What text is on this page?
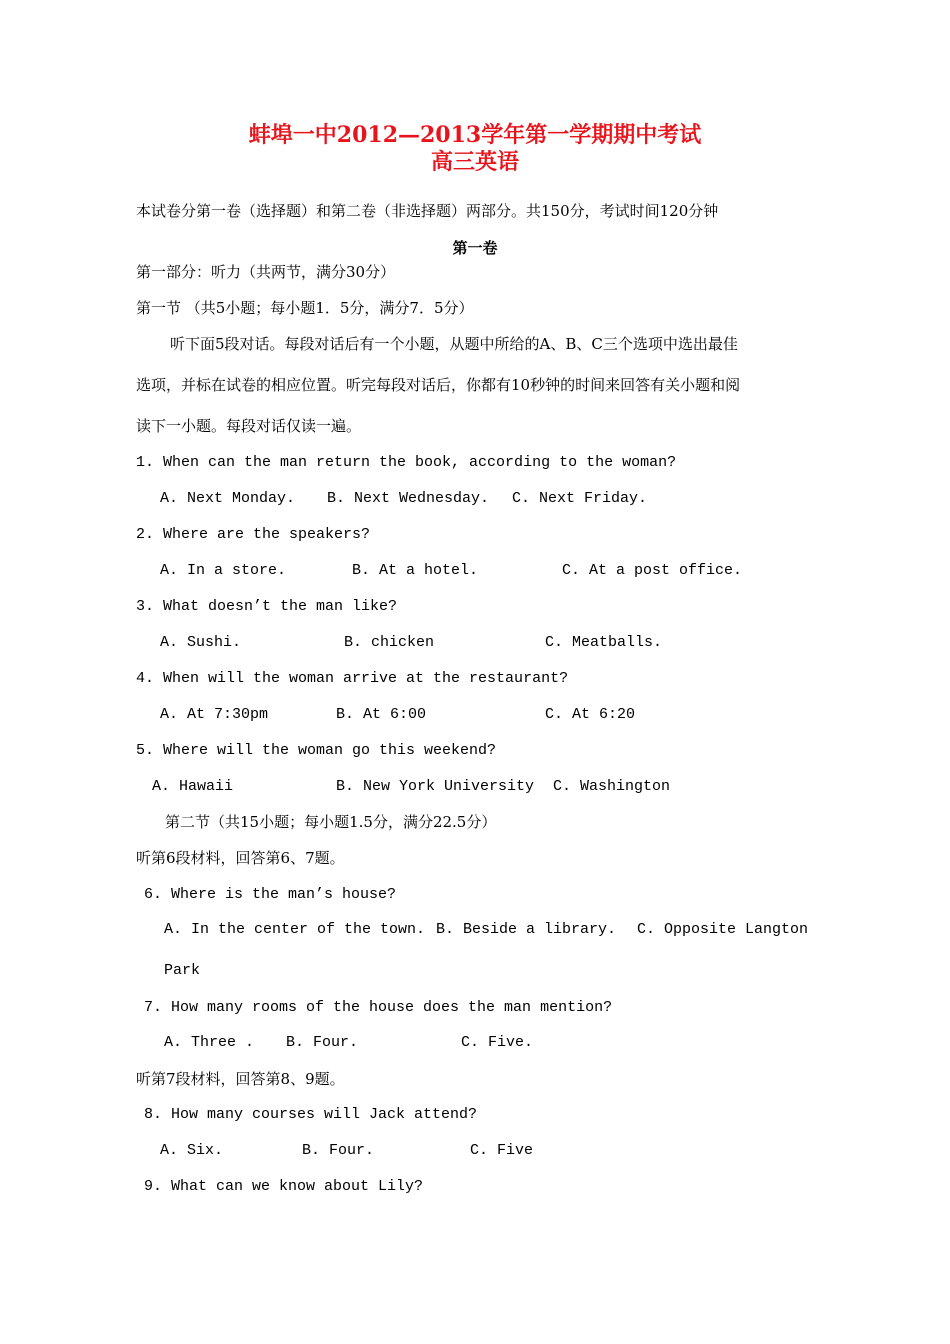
蚌埠一中2012—2013学年第一学期期中考试
高三英语
本试卷分第一卷（选择题）和第二卷（非选择题）两部分。共150分，考试时间120分钟
第一卷
第一部分：听力（共两节，满分30分）
第一节 （共5小题；每小题1．5分，满分7．5分）
听下面5段对话。每段对话后有一个小题，从题中所给的A、B、C三个选项中选出最佳
选项，并标在试卷的相应位置。听完每段对话后，你都有10秒钟的时间来回答有关小题和阅
读下一小题。每段对话仅读一遍。
1. When can the man return the book, according to the woman?
A. Next Monday. B. Next Wednesday. C. Next Friday.
2. Where are the speakers?
A. In a store.	B. At a hotel.	C. At a post office.
3. What doesn’t the man like?
A. Sushi.	B. chicken	C. Meatballs.
4. When will the woman arrive at the restaurant?
A. At 7:30pm	B. At 6:00	C. At 6:20
5. Where will the woman go this weekend?
A. Hawaii	B. New York University C. Washington
第二节（共15小题；每小题1.5分，满分22.5分）
听第6段材料，回答第6、7题。
6. Where is the man’s house?
A. In the center of the town. B. Beside a library. C. Opposite Langton
Park
7. How many rooms of the house does the man mention?
A. Three . B. Four.	C. Five.
听第7段材料，回答第8、9题。
8. How many courses will Jack attend?
A. Six.	B. Four.	C. Five
9. What can we know about Lily?
